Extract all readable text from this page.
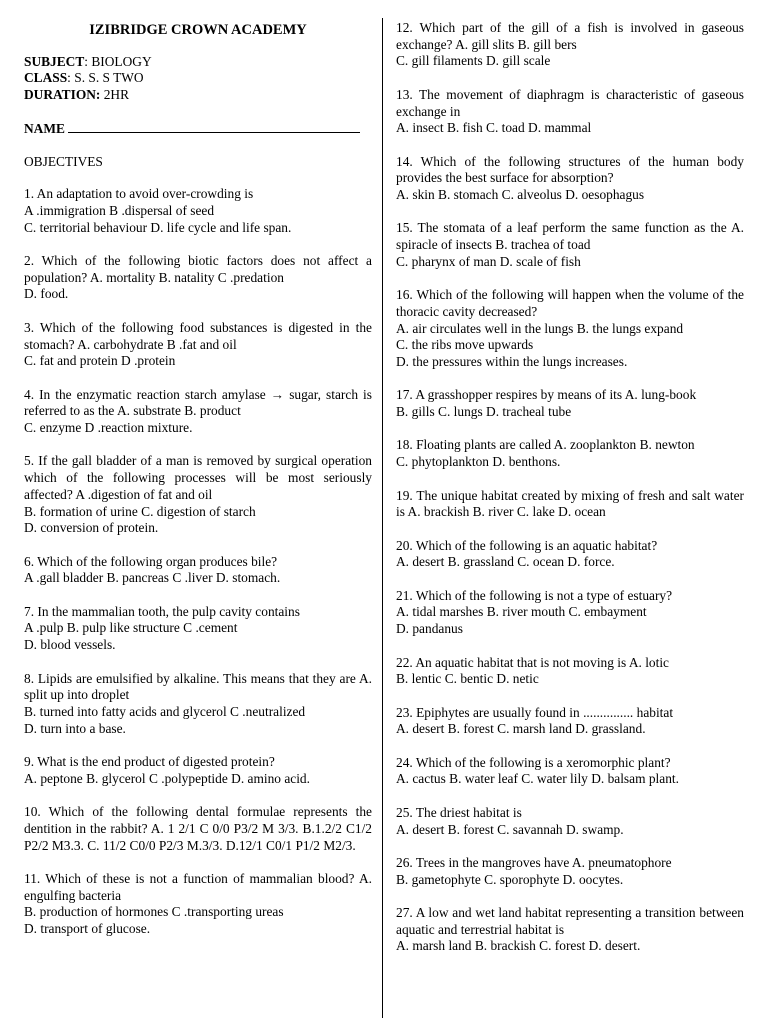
IZIBRIDGE CROWN ACADEMY
SUBJECT: BIOLOGY
CLASS: S. S. S TWO
DURATION: 2HR
NAME
OBJECTIVES
1. An adaptation to avoid over-crowding is
A .immigration B .dispersal of seed
C. territorial behaviour D. life cycle and life span.
2. Which of the following biotic factors does not affect a population? A. mortality B. natality C .predation
D. food.
3. Which of the following food substances is digested in the stomach? A. carbohydrate B .fat and oil
C. fat and protein D .protein
4. In the enzymatic reaction starch amylase → sugar, starch is referred to as the A. substrate B. product
C. enzyme D .reaction mixture.
5. If the gall bladder of a man is removed by surgical operation which of the following processes will be most seriously affected? A .digestion of fat and oil
B. formation of urine C. digestion of starch
D. conversion of protein.
6. Which of the following organ produces bile?
A .gall bladder B. pancreas C .liver D. stomach.
7. In the mammalian tooth, the pulp cavity contains
A .pulp B. pulp like structure C .cement
D. blood vessels.
8. Lipids are emulsified by alkaline. This means that they are A. split up into droplet
B. turned into fatty acids and glycerol C .neutralized
D. turn into a base.
9. What is the end product of digested protein?
A. peptone B. glycerol C .polypeptide D. amino acid.
10. Which of the following dental formulae represents the dentition in the rabbit? A. 1 2/1 C 0/0 P3/2 M 3/3. B.1.2/2 C1/2 P2/2 M3.3. C. 11/2 C0/0 P2/3 M.3/3. D.12/1 C0/1 P1/2 M2/3.
11. Which of these is not a function of mammalian blood? A. engulfing bacteria
B. production of hormones C .transporting ureas
D. transport of glucose.
12. Which part of the gill of a fish is involved in gaseous exchange? A. gill slits B. gill bers
C. gill filaments D. gill scale
13. The movement of diaphragm is characteristic of gaseous exchange in
A. insect B. fish C. toad D. mammal
14. Which of the following structures of the human body provides the best surface for absorption?
A. skin B. stomach C. alveolus D. oesophagus
15. The stomata of a leaf perform the same function as the A. spiracle of insects B. trachea of toad
C. pharynx of man D. scale of fish
16. Which of the following will happen when the volume of the thoracic cavity decreased?
A. air circulates well in the lungs B. the lungs expand
C. the ribs move upwards
D. the pressures within the lungs increases.
17. A grasshopper respires by means of its A. lung-book
B. gills C. lungs D. tracheal tube
18. Floating plants are called A. zooplankton B. newton
C. phytoplankton D. benthons.
19. The unique habitat created by mixing of fresh and salt water is A. brackish B. river C. lake D. ocean
20. Which of the following is an aquatic habitat?
A. desert B. grassland C. ocean D. force.
21. Which of the following is not a type of estuary?
A. tidal marshes B. river mouth C. embayment
D. pandanus
22. An aquatic habitat that is not moving is A. lotic
B. lentic C. bentic D. netic
23. Epiphytes are usually found in ............... habitat
A. desert B. forest C. marsh land D. grassland.
24. Which of the following is a xeromorphic plant?
A. cactus B. water leaf C. water lily D. balsam plant.
25. The driest habitat is
A. desert B. forest C. savannah D. swamp.
26. Trees in the mangroves have A. pneumatophore
B. gametophyte C. sporophyte D. oocytes.
27. A low and wet land habitat representing a transition between aquatic and terrestrial habitat is
A. marsh land B. brackish C. forest D. desert.
